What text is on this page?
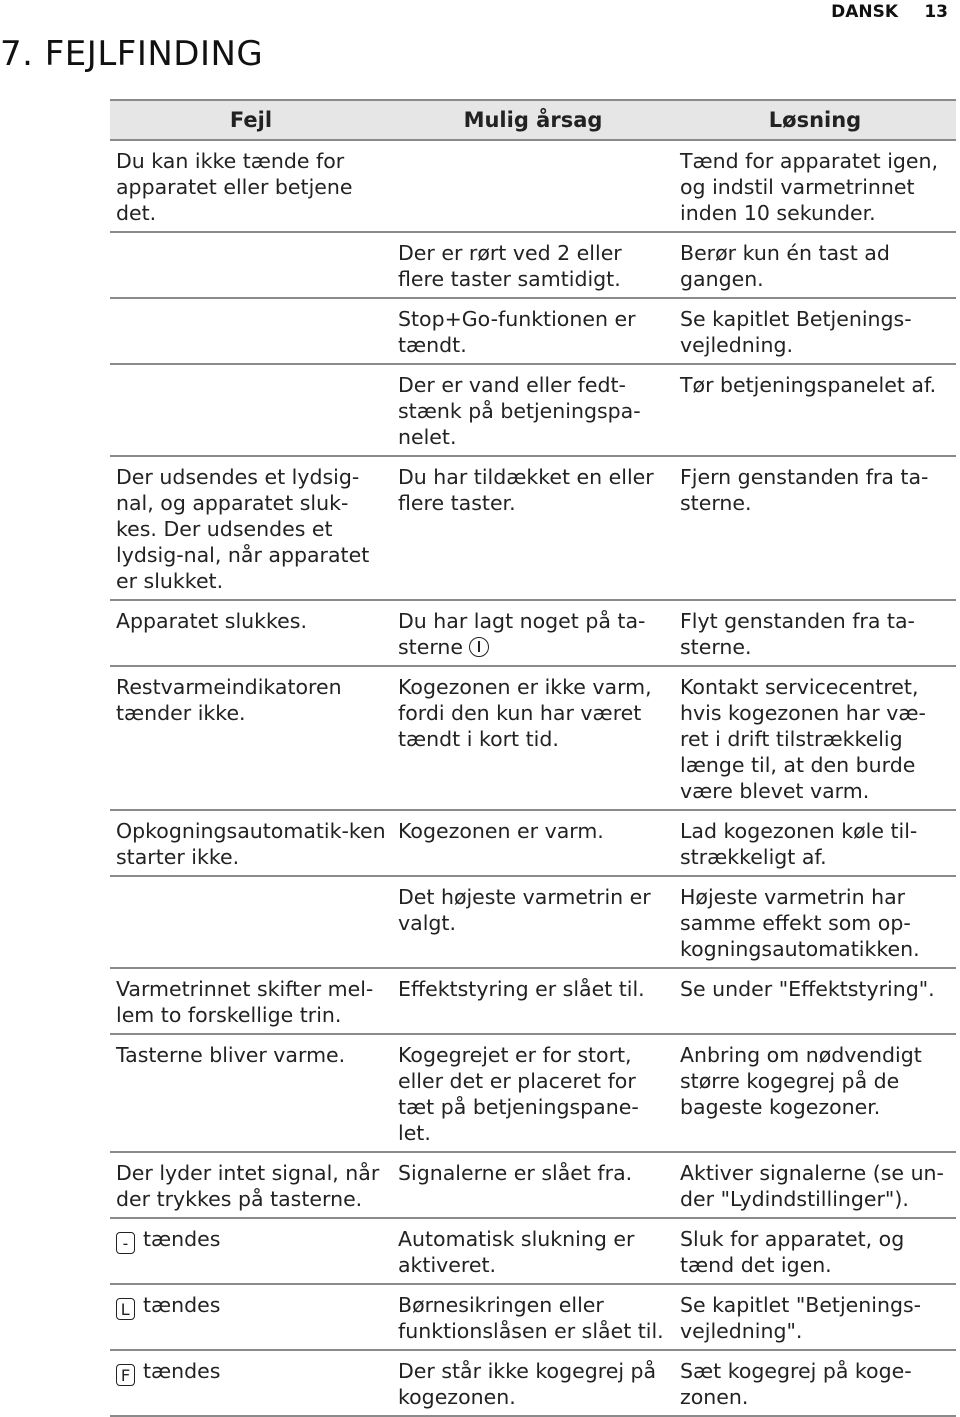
DANSK 13
7. FEJLFINDING
Fejl	Mulig årsag	Løsning
Du kan ikke tænde for apparatet eller betjene det.		Tænd for apparatet igen, og indstil varmetrinnet inden 10 sekunder.
	Der er rørt ved 2 eller flere taster samtidigt.	Berør kun én tast ad gangen.
	Stop+Go-funktionen er tændt.	Se kapitlet Betjenings-vejledning.
	Der er vand eller fedt-stænk på betjeningspa-nelet.	Tør betjeningspanelet af.
Der udsendes et lydsig-nal, og apparatet sluk-kes. Der udsendes et lydsig-nal, når apparatet er slukket.	Du har tildækket en eller flere taster.	Fjern genstanden fra ta-sterne.
Apparatet slukkes.	Du har lagt noget på ta-sterne	Flyt genstanden fra ta-sterne.
Restvarmeindikatoren tænder ikke.	Kogezonen er ikke varm, fordi den kun har været tændt i kort tid.	Kontakt servicecentret, hvis kogezonen har væ-ret i drift tilstrækkelig længe til, at den burde være blevet varm.
Opkogningsautomatik-ken starter ikke.	Kogezonen er varm.	Lad kogezonen køle til-strækkeligt af.
	Det højeste varmetrin er valgt.	Højeste varmetrin har samme effekt som op-kogningsautomatikken.
Varmetrinnet skifter mel-lem to forskellige trin.	Effektstyring er slået til.	Se under "Effektstyring".
Tasterne bliver varme.	Kogegrejet er for stort, eller det er placeret for tæt på betjeningspane-let.	Anbring om nødvendigt større kogegrej på de bageste kogezoner.
Der lyder intet signal, når der trykkes på tasterne.	Signalerne er slået fra.	Aktiver signalerne (se un-der "Lydindstillinger").
- tændes	Automatisk slukning er aktiveret.	Sluk for apparatet, og tænd det igen.
L tændes	Børnesikringen eller funktionslåsen er slået til.	Se kapitlet "Betjenings-vejledning".
F tændes	Der står ikke kogegrej på kogezonen.	Sæt kogegrej på koge-zonen.
